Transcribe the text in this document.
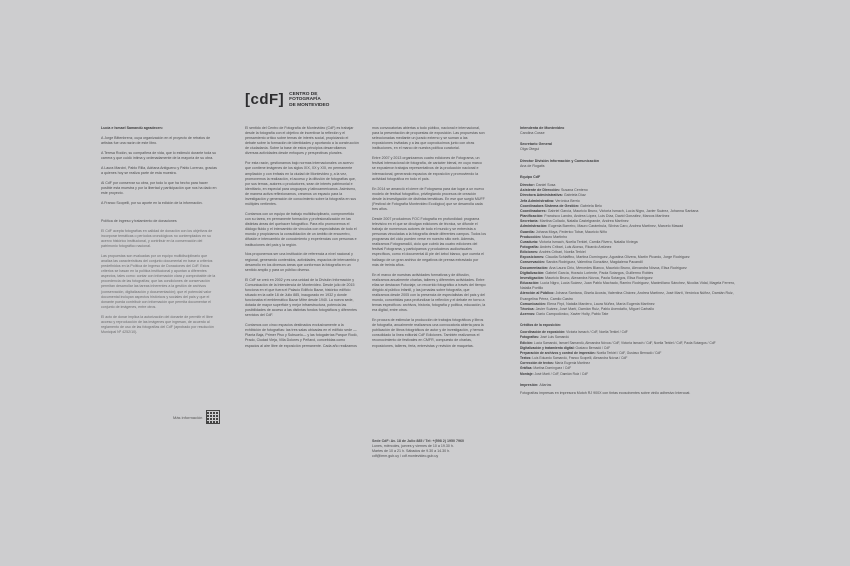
Lucía e Ismael Samandú agradecen:

A Jorge Bittenbrenz, cuya organización en el proyecto de retratos de artistas fue una razón de este libro.

A Teresa Rodón, su compañera de vida, que lo estimuló durante toda su carrera y que cuidó íntima y ordenadamente de la mayoría de su obra.

A Laura Marcini, Pablo Rilla, Adriana Antigueno y Pablo Lorenzo, gracias a quienes hoy se realiza parte de esta muestra.

Al CdF por conservar su obra, por todo lo que ha hecho para hacer posible esta muestra y por la libertad y participación que nos ha dado en este proyecto.

A Franco Scopelli, por su aporte en la edición de la información.

Política de ingreso y tratamiento de donaciones

El CdF acepta fotografías en calidad de donación con los objetivos de incorporar temáticas o períodos cronológicos no contemplados en su acervo histórico institucional, y contribuir en la conservación del patrimonio fotográfico nacional.

Las propuestas son evaluadas por un equipo multidisciplinario que analiza las características del conjunto documental en base a criterios predefinidos en la Política de Ingreso de Donaciones del CdF. Estos criterios se basan en la política institucional y apuntan a diferentes aspectos, tales como: contar con información clara y comprobable de la procedencia de las fotografías; que las condiciones de conservación permitan desarrollar las tareas inherentes a la gestión de archivos (conservación, digitalización y documentación); que el potencial valor documental incluyan aspectos históricos y sociales del país y que el donante pueda contribuir con información que permita documentar el conjunto de imágenes, entre otros.

El acto de donar implica la autorización del donante de permitir el libre acceso y reproducción de las imágenes que ingresan, de acuerdo al reglamento de uso de las fotografías del CdF (aprobado por resolución Municipal Nº 4252/10).

Más información
[cdF] CENTRO DE
FOTOGRAFÍA
DE MONTEVIDEO

El sentido del Centro de Fotografía de Montevideo (CdF) es trabajar desde la fotografía con el objetivo de incentivar la reflexión y el pensamiento crítico sobre temas de interés social, propiciando el debate sobre la formación de identidades y aportando a la construcción de ciudadanía. Sobre la base de estos principios desarrollamos diversas actividades desde enfoques y perspectivas plurales.

Por esta razón, gestionamos bajo normas internacionales un acervo que contiene imágenes de los siglos XIX, XX y XXI, en permanente ampliación y con énfasis en la ciudad de Montevideo y, a la vez, promovemos la realización, el acceso y la difusión de fotografías que, por sus temas, autores o productores, sean de interés patrimonial e identitario, en especial para uruguayos y latinoamericanos. Asimismo, de manera activa reflexionamos, creamos un espacio para la investigación y generación de conocimiento sobre la fotografía en sus múltiples vertientes.

Contamos con un equipo de trabajo multidisciplinario, comprometido con su tarea, en permanente formación y profesionalización en las distintas áreas del quehacer fotográfico. Para ello promovemos el diálogo fluido y el intercambio de vínculos con especialistas de todo el mundo y propiciamos la consolidación de un ámbito de encuentro, difusión e intercambio de conocimiento y experiencias con personas e instituciones del país y la región.

Nos proponemos ser una institución de referencia a nivel nacional y regional, generando contenidos, actividades, espacios de intercambio y desarrollo en los diversos áreas que conforman la fotografía en un sentido amplio y para un público diverso.

El CdF se creó en 2002 y es una unidad de la División Información y Comunicación de la Intendencia de Montevideo. Desde julio de 2015 funciona en el que fuera el Palacio Edificio Bazar, histórico edificio situado en la calle 18 de Julio 885, inaugurado en 1932 y donde funcionaba el emblemático Bazar Mitre desde 1940. La nueva sede, dotada de mayor superficie y mejor infraestructura, potencia las posibilidades de acceso a las distintas fondos fotográficos y diferentes servicios del CdF.

Contamos con cinco espacios destinados exclusivamente a la exhibición de fotografías: las tres salas ubicadas en el edificio sede —Planta Baja, Primer Piso y Subsuelo— y las fotogalerías Parque Rodó, Prado, Ciudad Vieja, Villa Dolores y Peñarol, concebidas como espacios al aire libre de exposición permanente. Cada año realizamos

mos convocatorias abiertas a todo público, nacional e internacional, para la presentación de propuestas de exposición. Las propuestas son seleccionadas mediante un jurado externo y se suman a las exposiciones invitadas y a las que coproducimos junto con otras instituciones, en el marco de nuestra política curatorial.

Entre 2007 y 2013 organizamos cuatro ediciones de Fotograma, un festival internacional de fotografía, de carácter bienal, en cuyo marco se expusieron trabajos representativos de la producción nacional e internacional, generando espacios de exposición y promoviendo la actividad fotográfica en todo el país.

En 2014 se amanció el cierre de Fotograma para dar lugar a un nuevo modelo de festival fotográfico, privilegiando procesos de creación desde la investigación de distintas temáticas. En ese que surgió MUFF (Festival de Fotografía Montevideo Ecológico) que se desarrolla cada tres años.

Desde 2007 producimos FOC Fotografía en profundidad: programa televisivo en el que se divulgan ediciones de técnica, se difunde el trabajo de numerosos autores de todo el mundo y se entrevista a personas vinculadas a la fotografía desde diferentes campos. Todos los programas del ciclo pueden verse en nuestro sitio web. Además, realizamos Fotograma64, ciclo que cubrió las cuatro ediciones del festival Fotograma, y participamos y producimos audiovisuales específicos, como el documental Al pie del árbol blanco, que cuenta el hallazgo de un gran archivo de negativos de prensa extraviado por más de treinta años.

En el marco de nuestras actividades formativas y de difusión, realizamos anualmente charlas, talleres y diferentes actividades. Entre ellas se destacan Fotoviaje, un recorrido fotográfico a través del tiempo dirigido al público infantil, y las jornadas sobre fotografía, que realizamos desde 2005 con la presencia de especialistas del país y del mundo, concebidas para profundizar la reflexión y el debate en torno a temas específicos: archivos, historia, fotografía y política, educación, la era digital, entre otros.

En procura de estimular la producción de trabajos fotográficos y libros de fotografía, anualmente realizamos una convocatoria abierta para la publicación de libros fotográficos de autor y de investigación, y hemos consolidado la línea editorial CdF Ediciones. También realizamos el reconocimiento de festivales en CMFR, compuesto de charlas, exposiciones, talleres, feria, entrevistas y revisión de maquetas.

Sede CdF: Av. 18 de Julio 885 / Tel: +(598 2) 1950 7960

Lunes, miércoles, jueves y viernes de 10 a 19.30 h.

Martes de 10 a 21 h. Sábados de 9.30 a 14.30 h.

cdf@imm.gub.uy / cdf.montevideo.gub.uy

Intendenta de Montevideo

Carolina Cosse

Secretario General

Olga Otegui

Director División Información y Comunicación

Ana de Rogatis

Equipo CdF

Director: Daniel Sosa

Asistente de Dirección: Susana Centeno

Directora Administrativa: Gabriela Díaz

Jefa Administrativa: Verónica Berrio

Coordinadora Sistema de Gestión: Gabriela Belo

Coordinadores: Gabriel García, Mauricio Bruno, Victoria Ismach, Lucía Nigro, Javier Suárez, Johanna Santana

Planificación: Francisco Landro, Andrea López, Luis Díaz, David González, Marcos Martínez

Secretaría: Martina Collado, Natalia Castelgrande, Andrea Martínez

Administración: Eugenia Barreiro, Mauro Carámbula, Silvina Caro, Andrea Martínez, Marcelo Mawad

Guardia: Johana Moya, Federico Tobar, Mauricio Niño

Producción: Mauro Martinho

Curaduría: Victoria Ismach, Noelia Terkiel, Camila Rivero, Natalia Viviega

Fotografía: Andrés Cribari, Luis Alonso, Ricardo Antúnez

Ediciones: Andrés Cribari, Noelia Terkiel

Exposiciones: Claudia Schiaffino, Martina Domínguez, Agustina Olivera, Martín Picardo, Jorge Rodríguez

Conservación: Sandra Rodríguez, Valentina González, Magdalena Pacandil

Documentación: Ana Laura Cirio, Mercedes Blanco, Mauricio Bruno, Alexandra Nóvoa, Elisa Rodríguez

Digitalización: Gabriel García, Horacio Loriente, Paola Sotargos, Guillermo Robles

Investigación: Mauricio Bruno, Alexandra Nóvoa, Paola Sotargos, Elisa Rodríguez

Educación: Lucía Nigro, Lucía Suárez, Juan Pablo Machado, Ramiro Rodríguez, Maximiliano Sánchez, Nicolás Vidal, Magela Ferrero, Natalia Portillo

Atención al Público: Johana Santana, Gisela Acosta, Valentina Chávez, Andrea Martínez, José Martí, Verónica Núñez, Damián Ruiz, Evangelina Pérez, Camilo Castro

Comunicación: Elena Firpi, Natalia Mardero, Laura Núñez, María Eugenia Martínez

Técnica: Javier Suárez, José Martí, Damián Ruiz, Pablo Avendaño, Miguel Carballo

Acervos: Darío Campodónico, Xavier Holty, Pablo Tate

Créditos de la exposición:

Coordinación de exposición: Victoria Ismach / CdF, Noelia Terkiel / CdF

Fotografías: José Luis Samandú

Edición: Lucía Samandú, Ismael Samandú, Alexandra Nóvoa / CdF, Victoria Ismach / CdF, Noelia Terkiel / CdF, Paola Sotargos / CdF

Digitalización y tratamiento digital: Gustavo Bernadó / CdF

Preparación de archivos y control de impresión: Noelia Terkiel / CdF, Gustavo Bernadó / CdF

Textos: Luis Eduardo Samandú, Franco Scopelli, Alexandra Nóvoa / CdF

Corrección de textos: María Eugenia Martínez

Gráfica: Martina Domínguez / CdF

Montaje: José Martí / CdF, Damián Ruiz / CdF

Impresión: Aliartas

Fotografías impresas en impresora Mutoh RJ 900X con tintas ecosolventes sobre vinilo adhesivo Intercoat.
